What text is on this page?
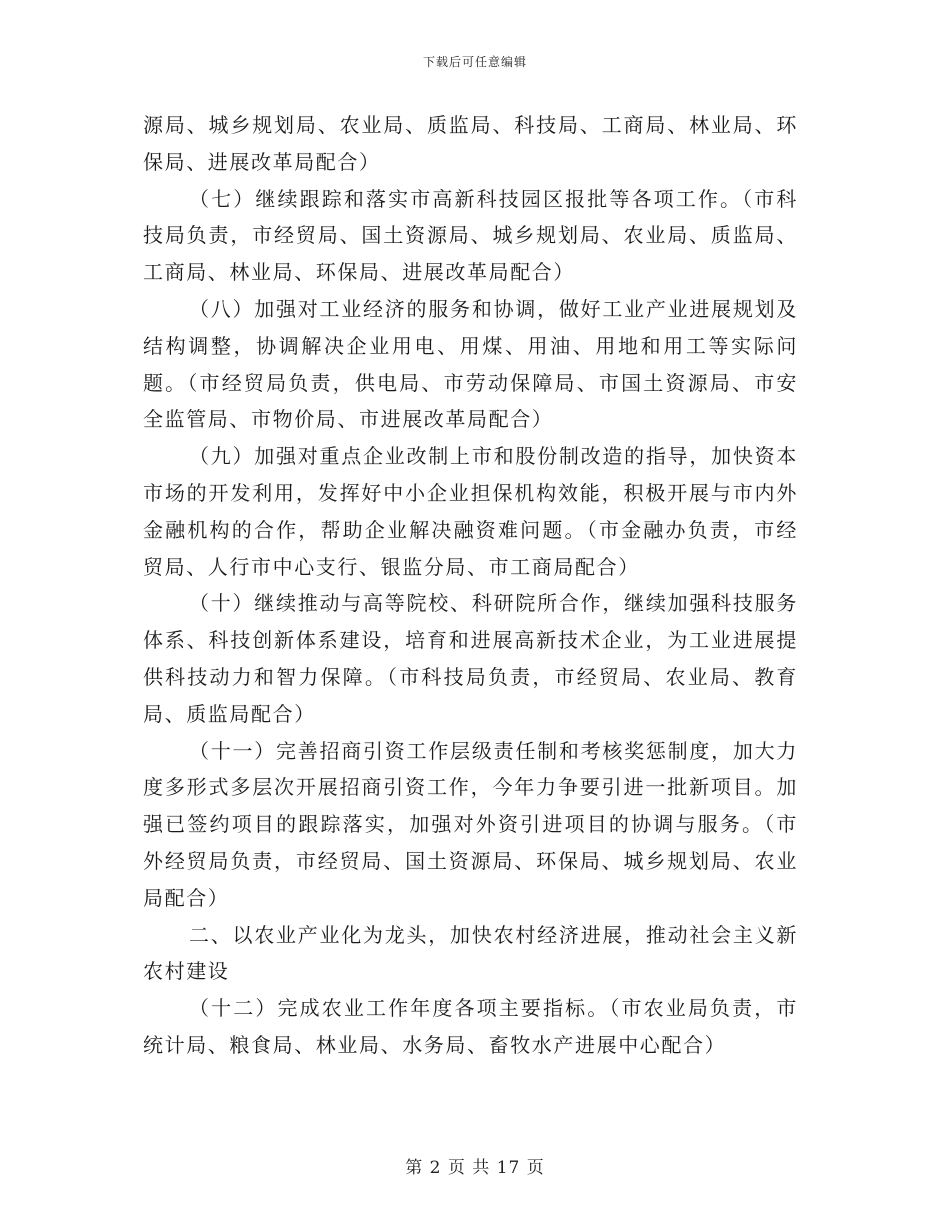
下载后可任意编辑

源局、城乡规划局、农业局、质监局、科技局、工商局、林业局、环保局、进展改革局配合）

（七）继续跟踪和落实市高新科技园区报批等各项工作。（市科技局负责，市经贸局、国土资源局、城乡规划局、农业局、质监局、工商局、林业局、环保局、进展改革局配合）

（八）加强对工业经济的服务和协调，做好工业产业进展规划及结构调整，协调解决企业用电、用煤、用油、用地和用工等实际问题。（市经贸局负责，供电局、市劳动保障局、市国土资源局、市安全监管局、市物价局、市进展改革局配合）

（九）加强对重点企业改制上市和股份制改造的指导，加快资本市场的开发利用，发挥好中小企业担保机构效能，积极开展与市内外金融机构的合作，帮助企业解决融资难问题。（市金融办负责，市经贸局、人行市中心支行、银监分局、市工商局配合）

（十）继续推动与高等院校、科研院所合作，继续加强科技服务体系、科技创新体系建设，培育和进展高新技术企业，为工业进展提供科技动力和智力保障。（市科技局负责，市经贸局、农业局、教育局、质监局配合）

（十一）完善招商引资工作层级责任制和考核奖惩制度，加大力度多形式多层次开展招商引资工作，今年力争要引进一批新项目。加强已签约项目的跟踪落实，加强对外资引进项目的协调与服务。（市外经贸局负责，市经贸局、国土资源局、环保局、城乡规划局、农业局配合）

二、以农业产业化为龙头，加快农村经济进展，推动社会主义新农村建设

（十二）完成农业工作年度各项主要指标。（市农业局负责，市统计局、粮食局、林业局、水务局、畜牧水产进展中心配合）

第 2 页 共 17 页
